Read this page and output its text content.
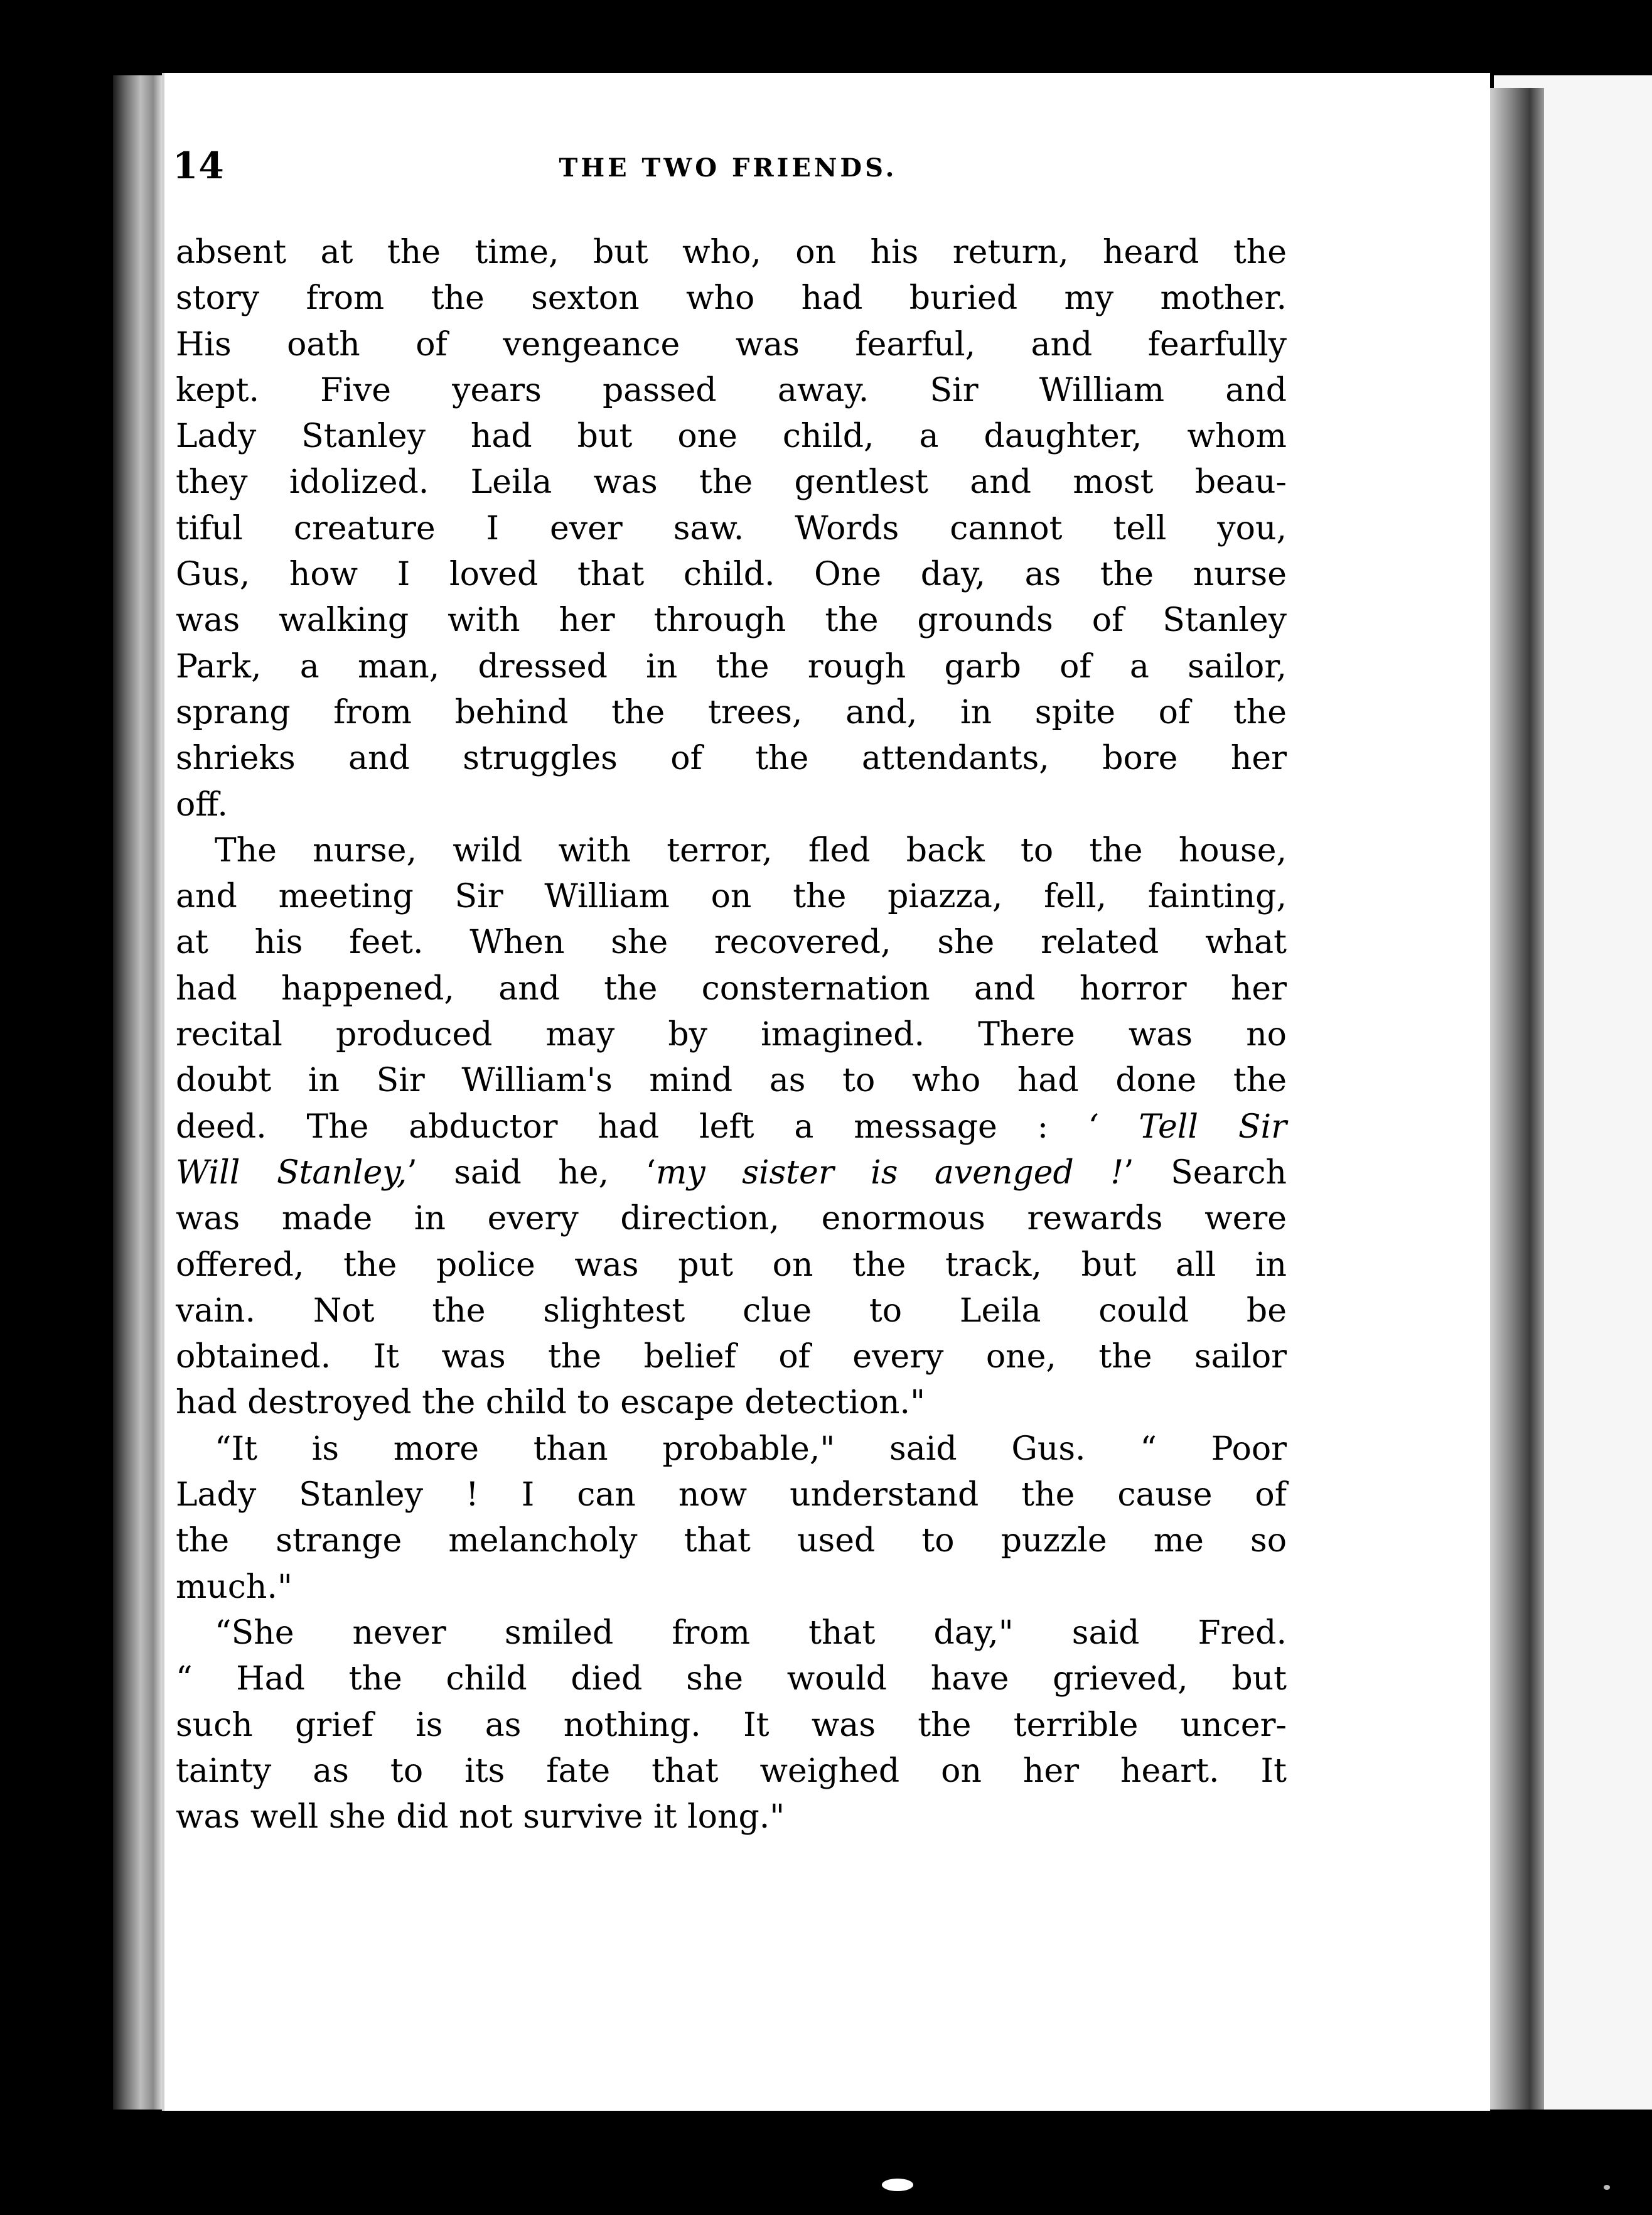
14	THE TWO FRIENDS.
absent at the time, but who, on his return, heard the
story from the sexton who had buried my mother.
His oath of vengeance was fearful, and fearfully
kept. Five years passed away. Sir William and
Lady Stanley had but one child, a daughter, whom
they idolized. Leila was the gentlest and most beau-
tiful creature I ever saw. Words cannot tell you,
Gus, how I loved that child. One day, as the nurse
was walking with her through the grounds of Stanley
Park, a man, dressed in the rough garb of a sailor,
sprang from behind the trees, and, in spite of the
shrieks and struggles of the attendants, bore her
off.
The nurse, wild with terror, fled back to the house,
and meeting Sir William on the piazza, fell, fainting,
at his feet. When she recovered, she related what
had happened, and the consternation and horror her
recital produced may by imagined. There was no
doubt in Sir William's mind as to who had done the
deed. The abductor had left a message : ‘ Tell Sir
Will Stanley,’ said he, ‘my sister is avenged !’ Search
was made in every direction, enormous rewards were
offered, the police was put on the track, but all in
vain. Not the slightest clue to Leila could be
obtained. It was the belief of every one, the sailor
had destroyed the child to escape detection."
“It is more than probable," said Gus. “ Poor
Lady Stanley ! I can now understand the cause of
the strange melancholy that used to puzzle me so
much."
“She never smiled from that day," said Fred.
“ Had the child died she would have grieved, but
such grief is as nothing. It was the terrible uncer-
tainty as to its fate that weighed on her heart. It
was well she did not survive it long."
